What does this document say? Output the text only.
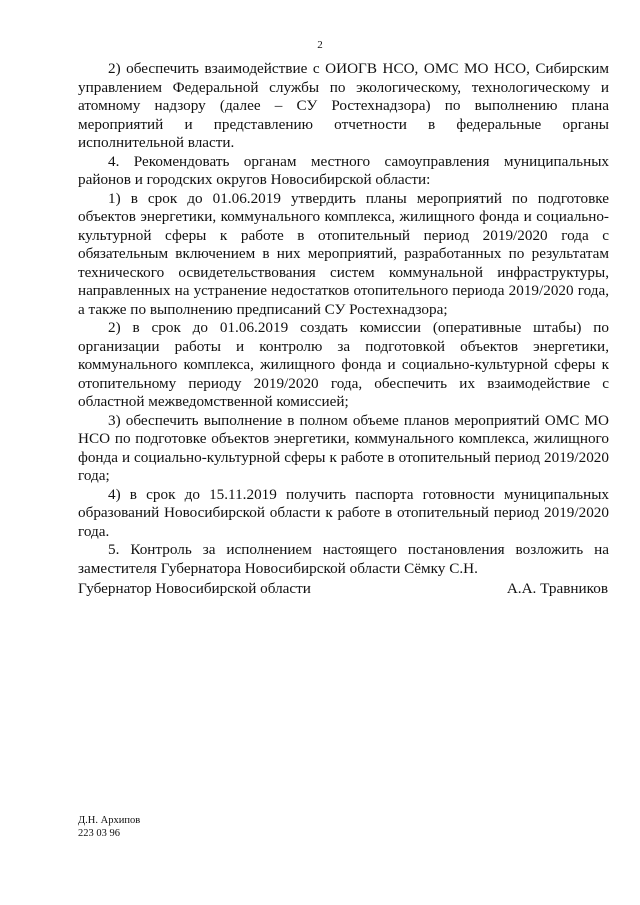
2

2) обеспечить взаимодействие с ОИОГВ НСО, ОМС МО НСО, Сибирским управлением Федеральной службы по экологическому, технологическому и атомному надзору (далее – СУ Ростехнадзора) по выполнению плана мероприятий и представлению отчетности в федеральные органы исполнительной власти.

4. Рекомендовать органам местного самоуправления муниципальных районов и городских округов Новосибирской области:

1) в срок до 01.06.2019 утвердить планы мероприятий по подготовке объектов энергетики, коммунального комплекса, жилищного фонда и социально-культурной сферы к работе в отопительный период 2019/2020 года с обязательным включением в них мероприятий, разработанных по результатам технического освидетельствования систем коммунальной инфраструктуры, направленных на устранение недостатков отопительного периода 2019/2020 года, а также по выполнению предписаний СУ Ростехнадзора;

2) в срок до 01.06.2019 создать комиссии (оперативные штабы) по организации работы и контролю за подготовкой объектов энергетики, коммунального комплекса, жилищного фонда и социально-культурной сферы к отопительному периоду 2019/2020 года, обеспечить их взаимодействие с областной межведомственной комиссией;

3) обеспечить выполнение в полном объеме планов мероприятий ОМС МО НСО по подготовке объектов энергетики, коммунального комплекса, жилищного фонда и социально-культурной сферы к работе в отопительный период 2019/2020 года;

4) в срок до 15.11.2019 получить паспорта готовности муниципальных образований Новосибирской области к работе в отопительный период 2019/2020 года.

5. Контроль за исполнением настоящего постановления возложить на заместителя Губернатора Новосибирской области Сёмку С.Н.

Губернатор Новосибирской области	А.А. Травников
Д.Н. Архипов
223 03 96
